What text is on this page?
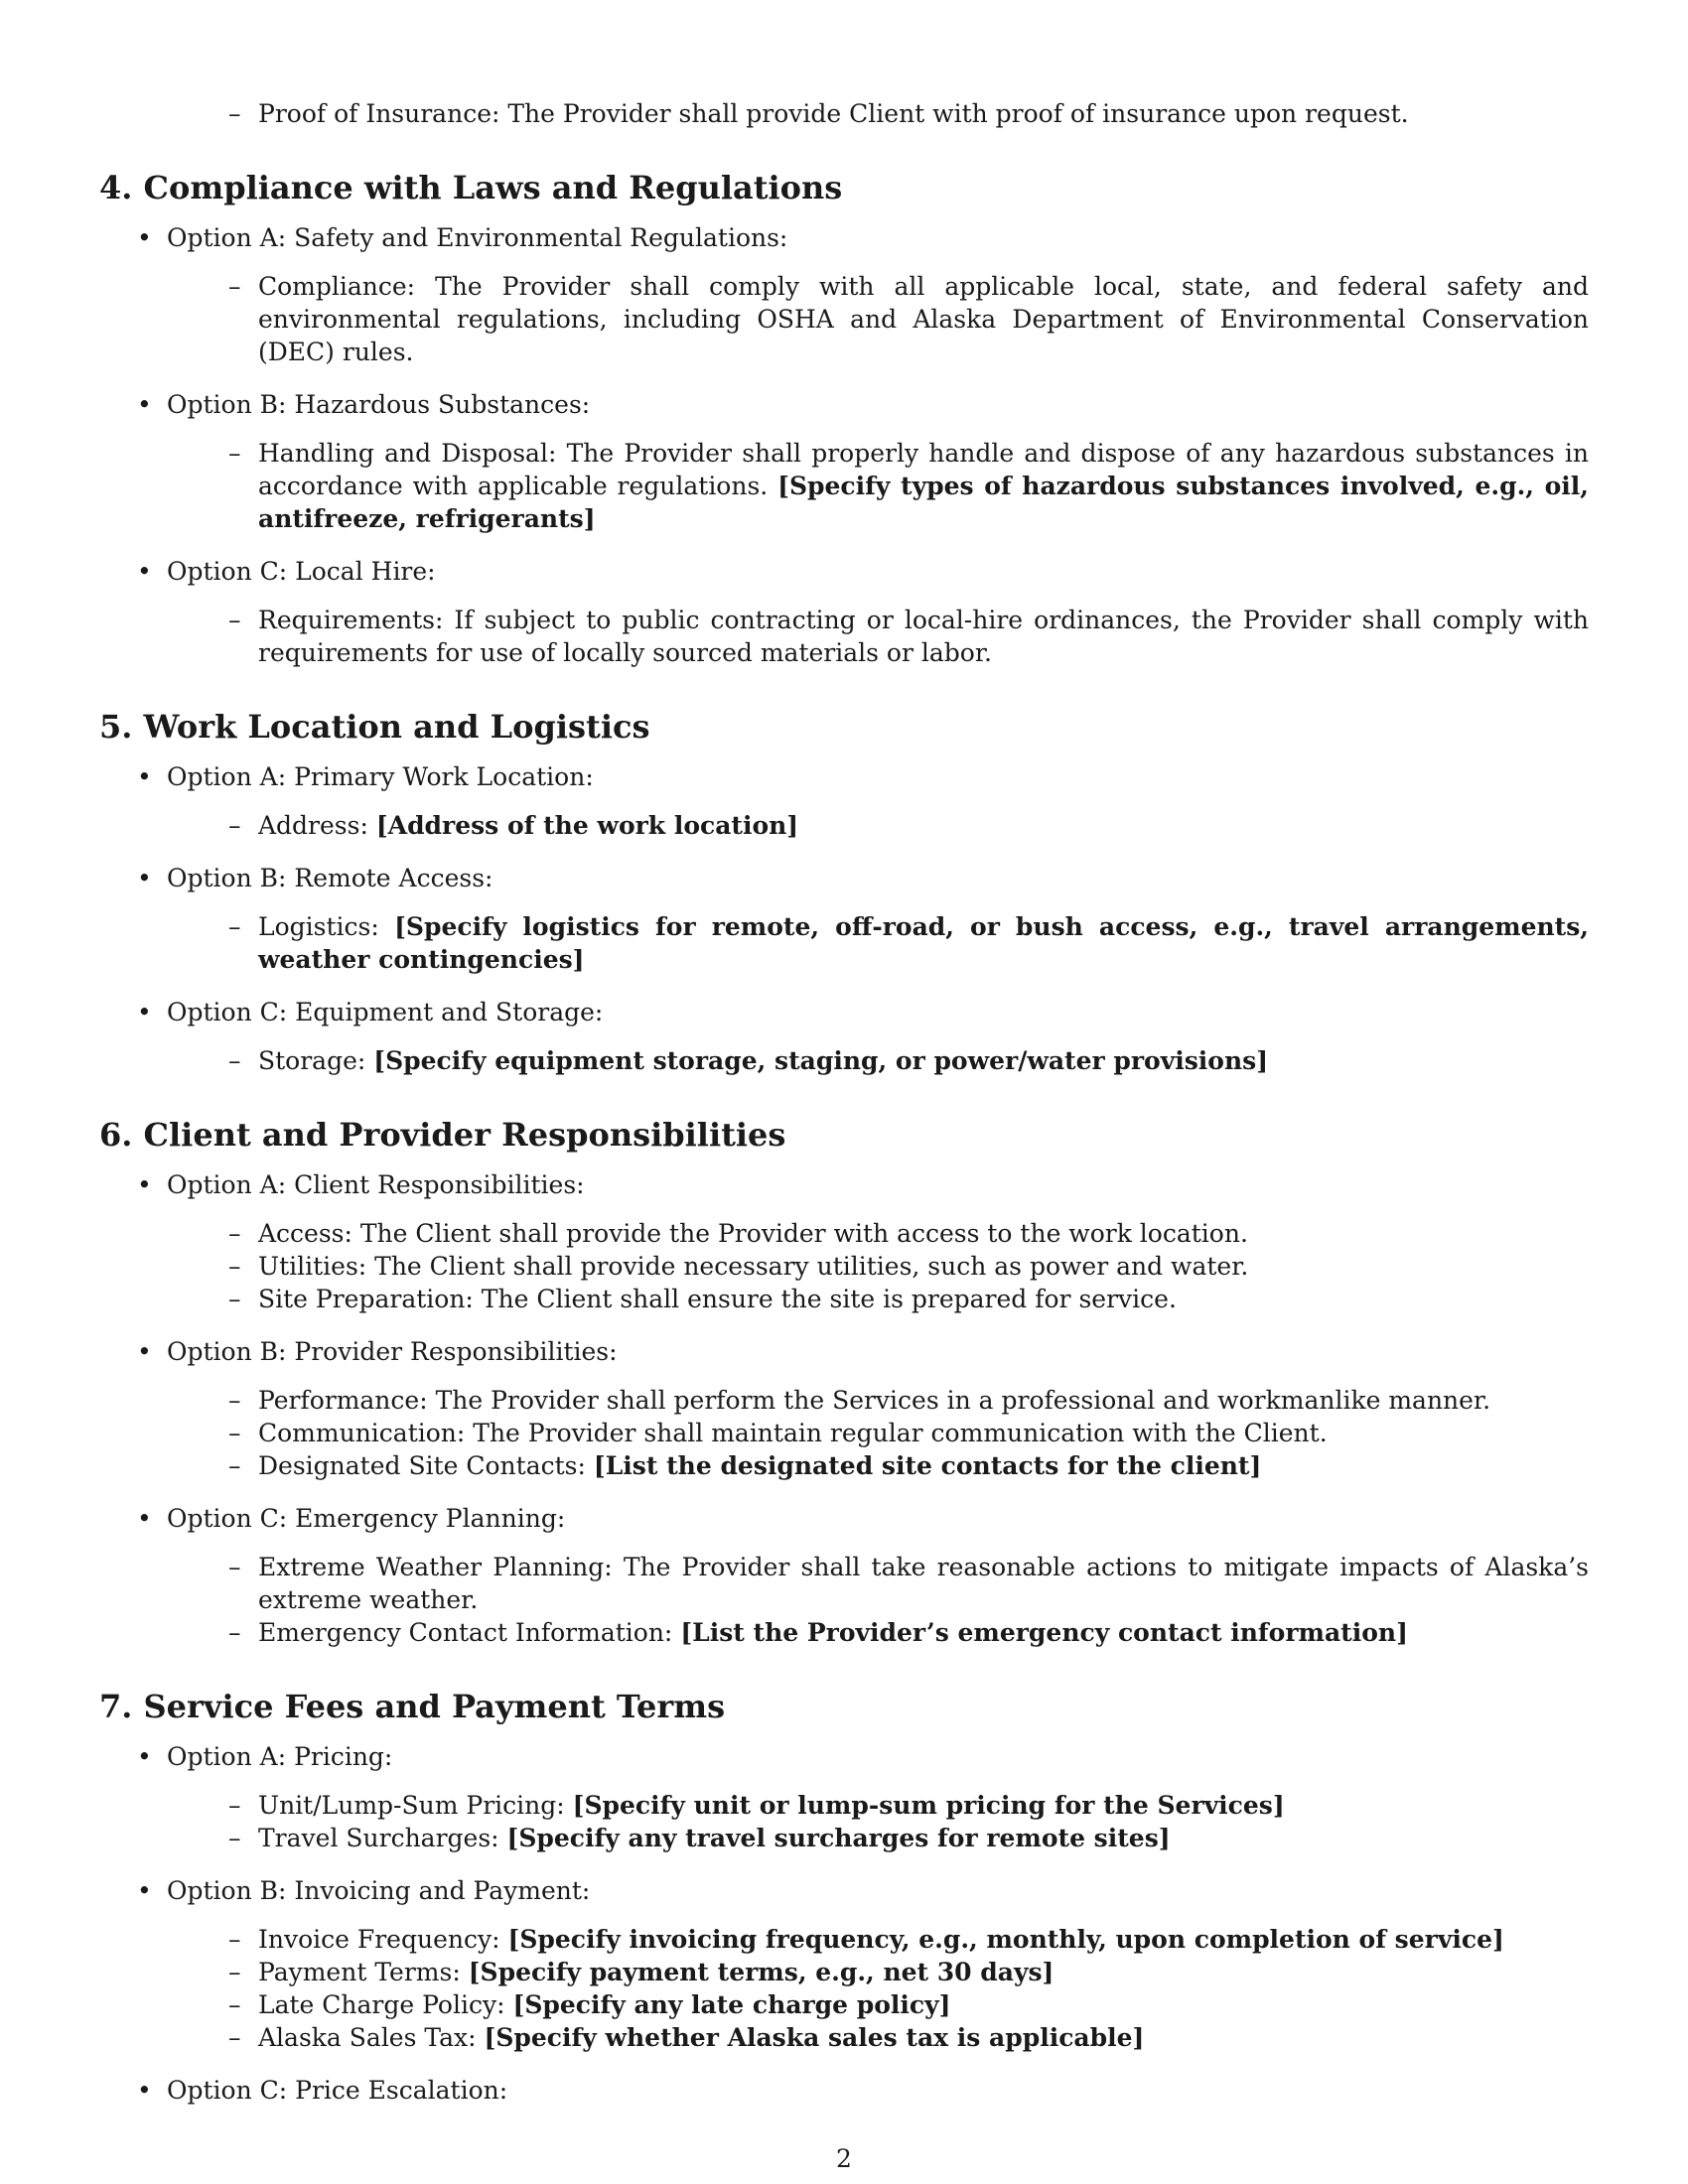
– Proof of Insurance: The Provider shall provide Client with proof of insurance upon request.
4. Compliance with Laws and Regulations
• Option A: Safety and Environmental Regulations:
– Compliance: The Provider shall comply with all applicable local, state, and federal safety and environmental regulations, including OSHA and Alaska Department of Environmental Conservation (DEC) rules.
• Option B: Hazardous Substances:
– Handling and Disposal: The Provider shall properly handle and dispose of any hazardous substances in accordance with applicable regulations. [Specify types of hazardous substances involved, e.g., oil, antifreeze, refrigerants]
• Option C: Local Hire:
– Requirements: If subject to public contracting or local-hire ordinances, the Provider shall comply with requirements for use of locally sourced materials or labor.
5. Work Location and Logistics
• Option A: Primary Work Location:
– Address: [Address of the work location]
• Option B: Remote Access:
– Logistics: [Specify logistics for remote, off-road, or bush access, e.g., travel arrangements, weather contingencies]
• Option C: Equipment and Storage:
– Storage: [Specify equipment storage, staging, or power/water provisions]
6. Client and Provider Responsibilities
• Option A: Client Responsibilities:
– Access: The Client shall provide the Provider with access to the work location.
– Utilities: The Client shall provide necessary utilities, such as power and water.
– Site Preparation: The Client shall ensure the site is prepared for service.
• Option B: Provider Responsibilities:
– Performance: The Provider shall perform the Services in a professional and workmanlike manner.
– Communication: The Provider shall maintain regular communication with the Client.
– Designated Site Contacts: [List the designated site contacts for the client]
• Option C: Emergency Planning:
– Extreme Weather Planning: The Provider shall take reasonable actions to mitigate impacts of Alaska’s extreme weather.
– Emergency Contact Information: [List the Provider’s emergency contact information]
7. Service Fees and Payment Terms
• Option A: Pricing:
– Unit/Lump-Sum Pricing: [Specify unit or lump-sum pricing for the Services]
– Travel Surcharges: [Specify any travel surcharges for remote sites]
• Option B: Invoicing and Payment:
– Invoice Frequency: [Specify invoicing frequency, e.g., monthly, upon completion of service]
– Payment Terms: [Specify payment terms, e.g., net 30 days]
– Late Charge Policy: [Specify any late charge policy]
– Alaska Sales Tax: [Specify whether Alaska sales tax is applicable]
• Option C: Price Escalation:
2
